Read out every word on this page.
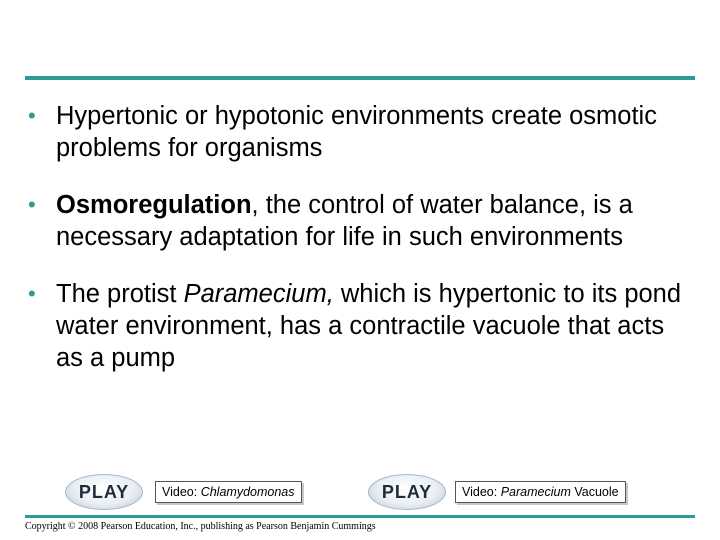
• Hypertonic or hypotonic environments create osmotic problems for organisms
• Osmoregulation, the control of water balance, is a necessary adaptation for life in such environments
• The protist Paramecium, which is hypertonic to its pond water environment, has a contractile vacuole that acts as a pump
PLAY	Video: Chlamydomonas	PLAY	Video: Paramecium Vacuole
Copyright © 2008 Pearson Education, Inc., publishing as Pearson Benjamin Cummings
